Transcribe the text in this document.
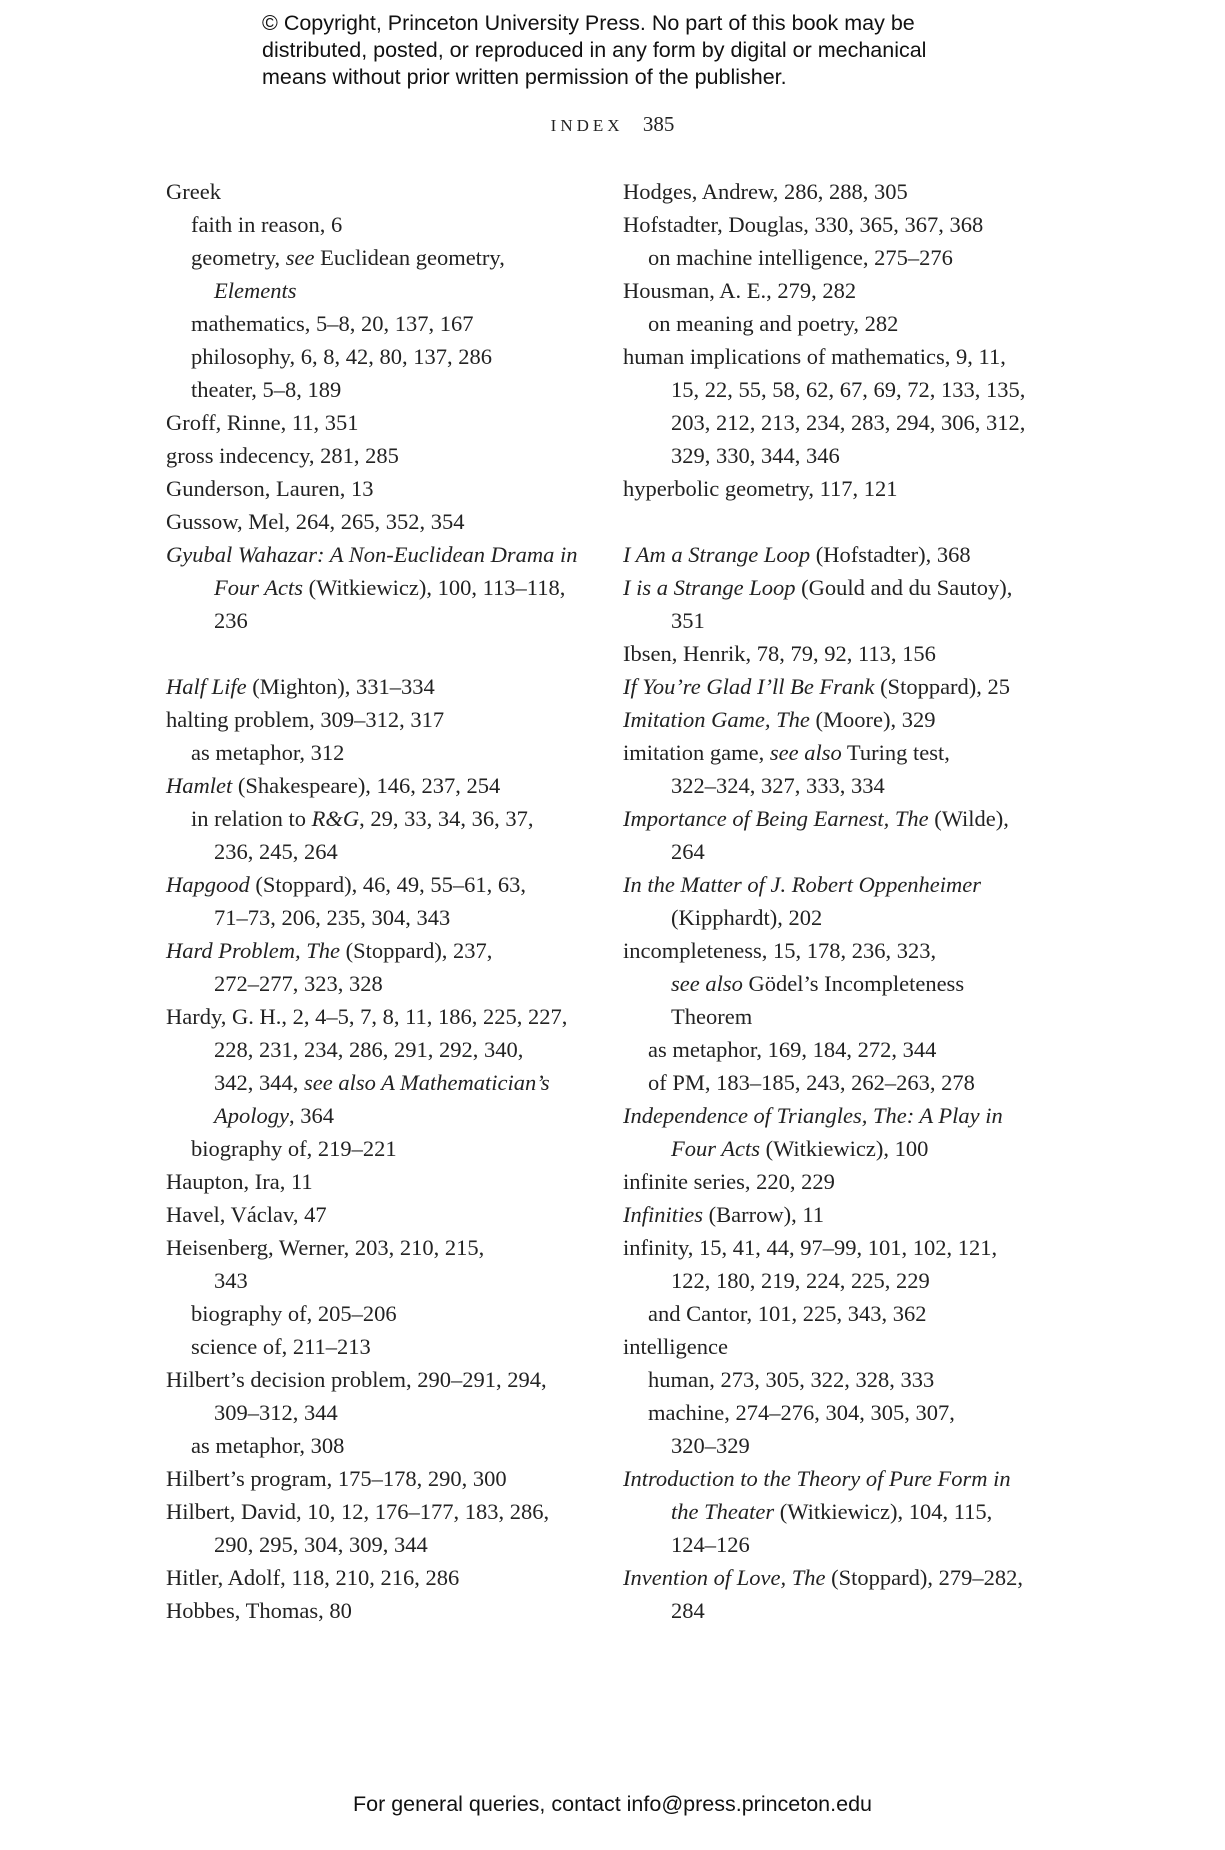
© Copyright, Princeton University Press. No part of this book may be
distributed, posted, or reproduced in any form by digital or mechanical
means without prior written permission of the publisher.
INDEX 385
Greek
faith in reason, 6
geometry, see Euclidean geometry,
Elements
mathematics, 5–8, 20, 137, 167
philosophy, 6, 8, 42, 80, 137, 286
theater, 5–8, 189
Groff, Rinne, 11, 351
gross indecency, 281, 285
Gunderson, Lauren, 13
Gussow, Mel, 264, 265, 352, 354
Gyubal Wahazar: A Non-Euclidean Drama in
Four Acts (Witkiewicz), 100, 113–118,
236
Half Life (Mighton), 331–334
halting problem, 309–312, 317
as metaphor, 312
Hamlet (Shakespeare), 146, 237, 254
in relation to R&G, 29, 33, 34, 36, 37,
236, 245, 264
Hapgood (Stoppard), 46, 49, 55–61, 63,
71–73, 206, 235, 304, 343
Hard Problem, The (Stoppard), 237,
272–277, 323, 328
Hardy, G. H., 2, 4–5, 7, 8, 11, 186, 225, 227,
228, 231, 234, 286, 291, 292, 340,
342, 344, see also A Mathematician’s
Apology, 364
biography of, 219–221
Haupton, Ira, 11
Havel, Václav, 47
Heisenberg, Werner, 203, 210, 215,
343
biography of, 205–206
science of, 211–213
Hilbert’s decision problem, 290–291, 294,
309–312, 344
as metaphor, 308
Hilbert’s program, 175–178, 290, 300
Hilbert, David, 10, 12, 176–177, 183, 286,
290, 295, 304, 309, 344
Hitler, Adolf, 118, 210, 216, 286
Hobbes, Thomas, 80
Hodges, Andrew, 286, 288, 305
Hofstadter, Douglas, 330, 365, 367, 368
on machine intelligence, 275–276
Housman, A. E., 279, 282
on meaning and poetry, 282
human implications of mathematics, 9, 11,
15, 22, 55, 58, 62, 67, 69, 72, 133, 135,
203, 212, 213, 234, 283, 294, 306, 312,
329, 330, 344, 346
hyperbolic geometry, 117, 121
I Am a Strange Loop (Hofstadter), 368
I is a Strange Loop (Gould and du Sautoy),
351
Ibsen, Henrik, 78, 79, 92, 113, 156
If You’re Glad I’ll Be Frank (Stoppard), 25
Imitation Game, The (Moore), 329
imitation game, see also Turing test,
322–324, 327, 333, 334
Importance of Being Earnest, The (Wilde),
264
In the Matter of J. Robert Oppenheimer
(Kipphardt), 202
incompleteness, 15, 178, 236, 323,
see also Gödel’s Incompleteness
Theorem
as metaphor, 169, 184, 272, 344
of PM, 183–185, 243, 262–263, 278
Independence of Triangles, The: A Play in
Four Acts (Witkiewicz), 100
infinite series, 220, 229
Infinities (Barrow), 11
infinity, 15, 41, 44, 97–99, 101, 102, 121,
122, 180, 219, 224, 225, 229
and Cantor, 101, 225, 343, 362
intelligence
human, 273, 305, 322, 328, 333
machine, 274–276, 304, 305, 307,
320–329
Introduction to the Theory of Pure Form in
the Theater (Witkiewicz), 104, 115,
124–126
Invention of Love, The (Stoppard), 279–282,
284
For general queries, contact info@press.princeton.edu
